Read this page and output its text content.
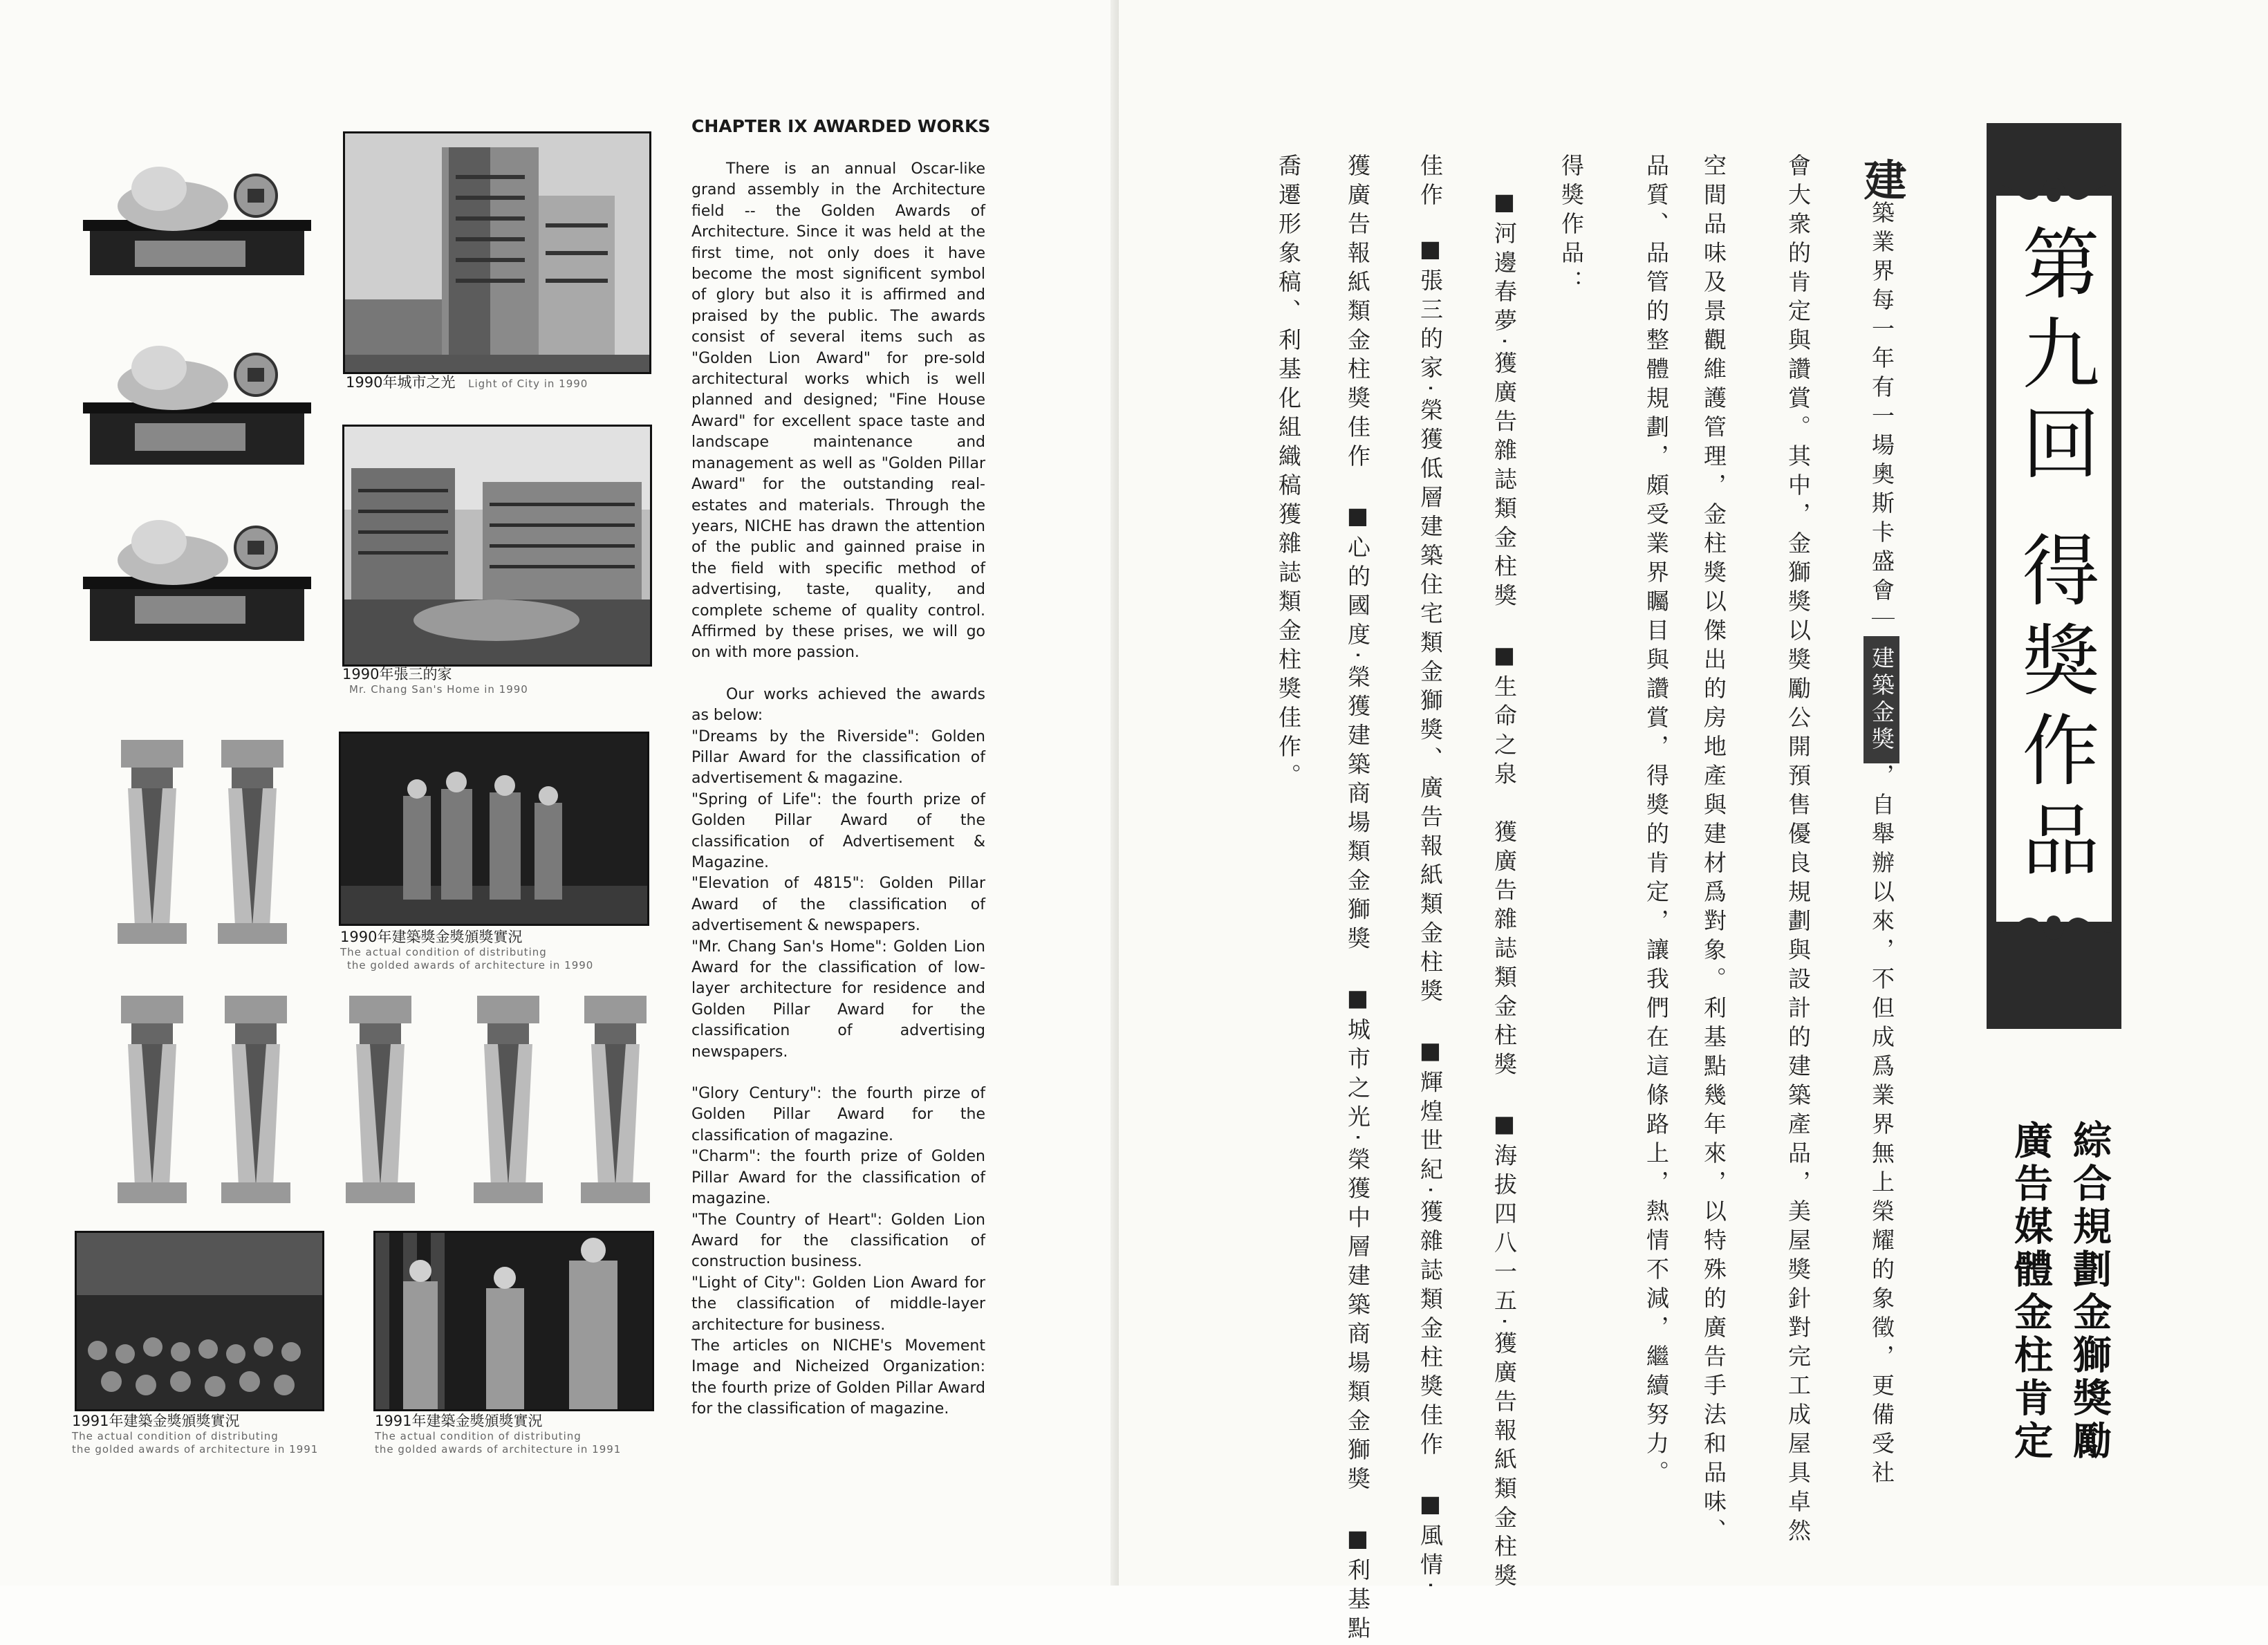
1990年城市之光 Light of City in 1990
1990年張三的家
Mr. Chang San's Home in 1990
1990年建築獎金獎頒獎實況
The actual condition of distributing
the golded awards of architecture in 1990
1991年建築金獎頒獎實況
The actual condition of distributing
the golded awards of architecture in 1991
1991年建築金獎頒獎實況
The actual condition of distributing
the golded awards of architecture in 1991
CHAPTER IX AWARDED WORKS

There is an annual Oscar-like grand assembly in the Architecture field -- the Golden Awards of Architecture. Since it was held at the first time, not only does it have become the most significent symbol of glory but also it is affirmed and praised by the public. The awards consist of several items such as "Golden Lion Award" for pre-sold architectural works which is well planned and designed; "Fine House Award" for excellent space taste and landscape maintenance and management as well as "Golden Pillar Award" for the outstanding real-estates and materials. Through the years, NICHE has drawn the attention of the public and gainned praise in the field with specific method of advertising, taste, quality, and complete scheme of quality control. Affirmed by these prises, we will go on with more passion.

Our works achieved the awards as below:

"Dreams by the Riverside": Golden Pillar Award for the classification of advertisement & magazine.

"Spring of Life": the fourth prize of Golden Pillar Award of the classification of Advertisement & Magazine.

"Elevation of 4815": Golden Pillar Award of the classification of advertisement & newspapers.

"Mr. Chang San's Home": Golden Lion Award for the classification of low-layer architecture for residence and Golden Pillar Award for the classification of advertising newspapers.

"Glory Century": the fourth pirze of Golden Pillar Award for the classification of magazine.

"Charm": the fourth prize of Golden Pillar Award for the classification of magazine.

"The Country of Heart": Golden Lion Award for the classification of construction business.

"Light of City": Golden Lion Award for the classification of middle-layer architecture for business.

The articles on NICHE's Movement Image and Nicheized Organization: the fourth prize of Golden Pillar Award for the classification of magazine.

第九回 得獎作品
綜合規劃金獅獎勵
廣告媒體金柱肯定
建築業界每一年有一場奧斯卡盛會｜建築金獎，自舉辦以來，不但成爲業界無上榮耀的象徵，更備受社
會大衆的肯定與讚賞。其中，金獅獎以獎勵公開預售優良規劃與設計的建築產品，美屋獎針對完工成屋具卓然
空間品味及景觀維護管理，金柱獎以傑出的房地產與建材爲對象。利基點幾年來，以特殊的廣告手法和品味、
品質、品管的整體規劃，頗受業界矚目與讚賞，得獎的肯定，讓我們在這條路上，熱情不減，繼續努力。
得獎作品：
■河邊春夢‧獲廣告雜誌類金柱獎　■生命之泉　獲廣告雜誌類金柱獎　■海拔四八一五‧獲廣告報紙類金柱獎
■張三的家‧榮獲低層建築住宅類金獅獎、廣告報紙類金柱獎　■輝煌世紀‧獲雜誌類金柱獎佳作　■風情‧
佳作
獲廣告報紙類金柱獎佳作　■心的國度‧榮獲建築商場類金獅獎　■城市之光‧榮獲中層建築商場類金獅獎　■利基點
喬遷形象稿、利基化組織稿獲雜誌類金柱獎佳作。
